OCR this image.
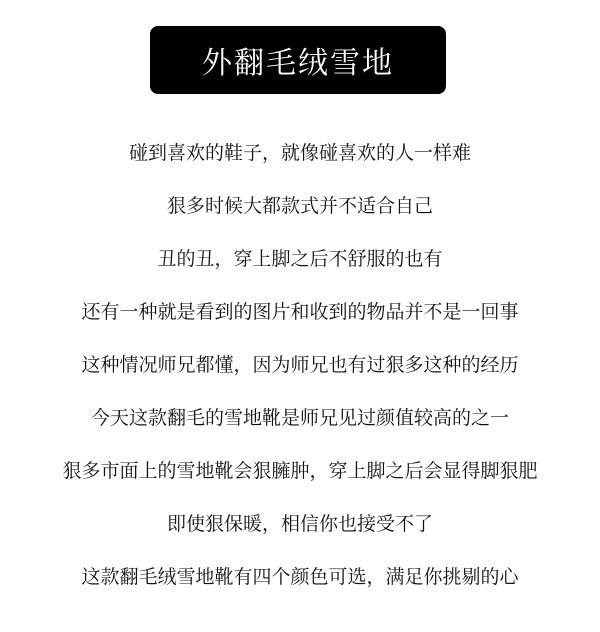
外翻毛绒雪地
碰到喜欢的鞋子，就像碰喜欢的人一样难
狠多时候大都款式并不适合自己
丑的丑，穿上脚之后不舒服的也有
还有一种就是看到的图片和收到的物品并不是一回事
这种情况师兄都懂，因为师兄也有过狠多这种的经历
今天这款翻毛的雪地靴是师兄见过颜值较高的之一
狠多市面上的雪地靴会狠臃肿，穿上脚之后会显得脚狠肥
即使狠保暖，相信你也接受不了
这款翻毛绒雪地靴有四个颜色可选，满足你挑剔的心
